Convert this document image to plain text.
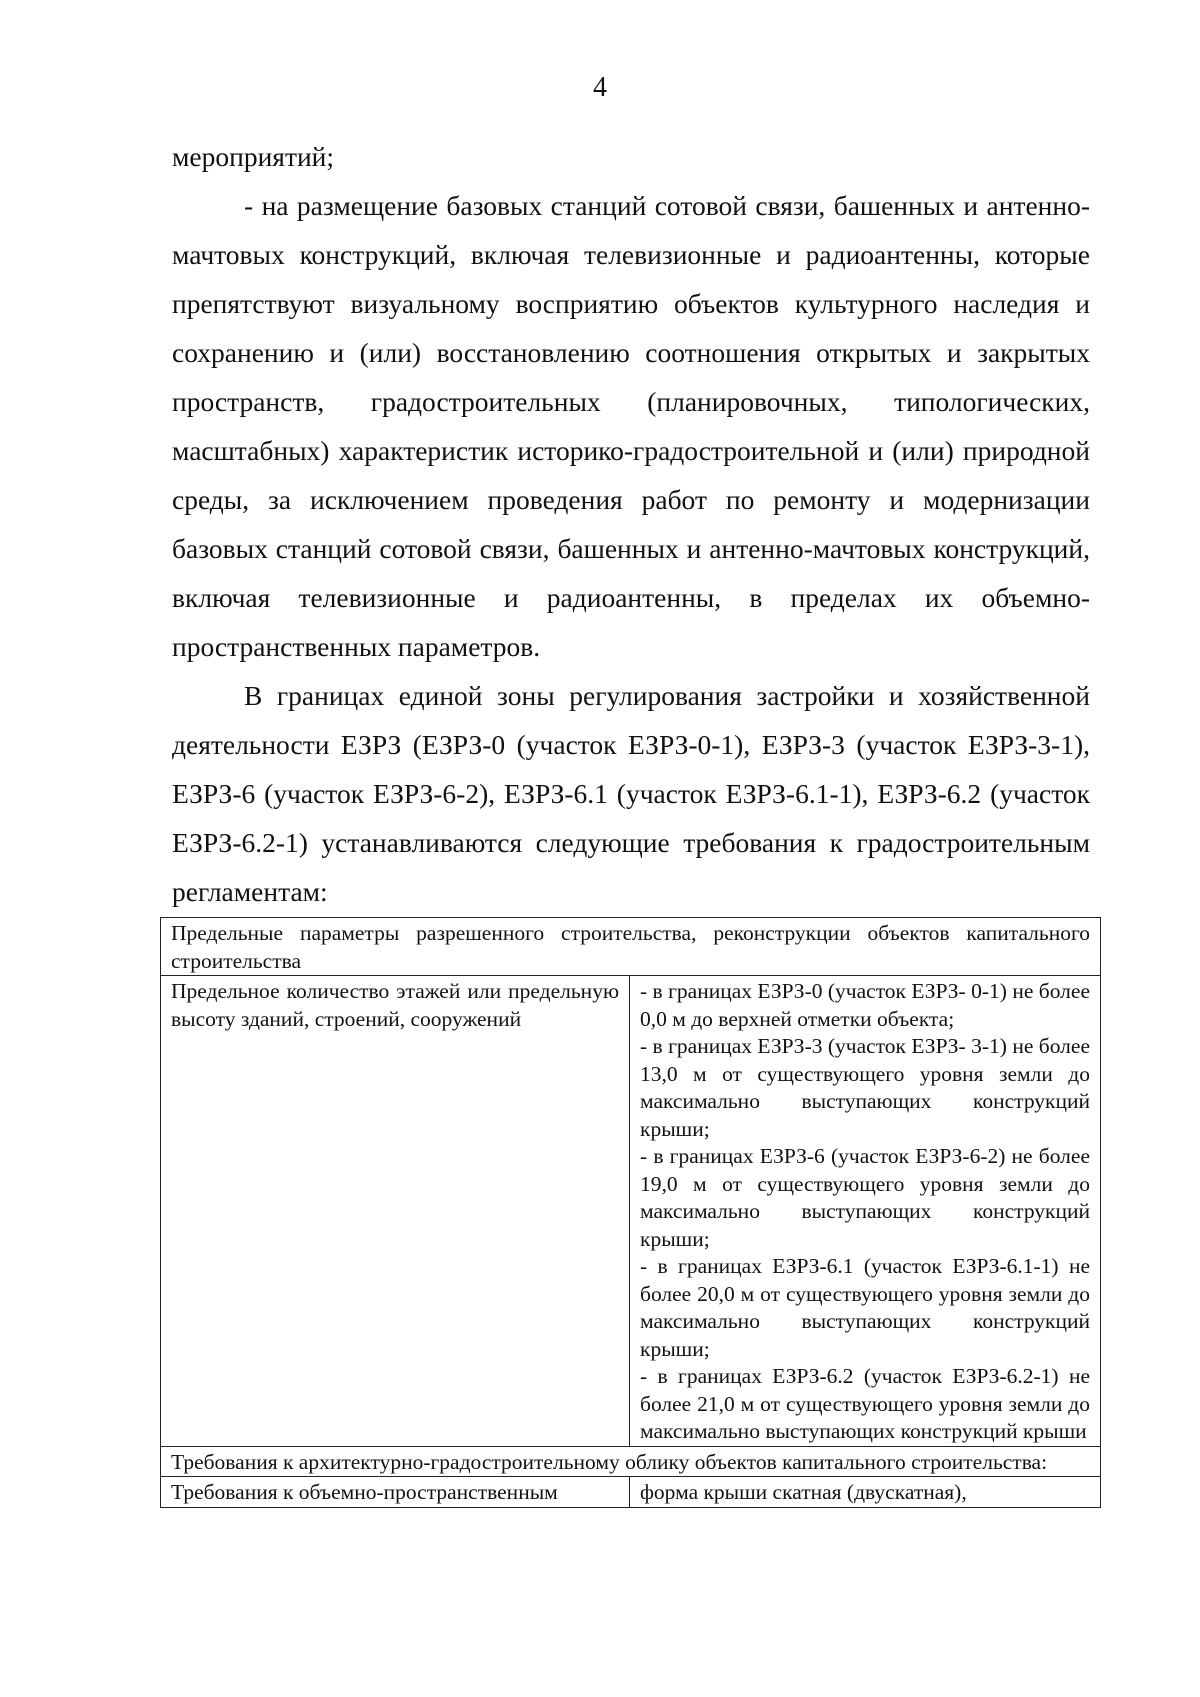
4

мероприятий;

- на размещение базовых станций сотовой связи, башенных и антенно-мачтовых конструкций, включая телевизионные и радиоантенны, которые препятствуют визуальному восприятию объектов культурного наследия и сохранению и (или) восстановлению соотношения открытых и закрытых пространств, градостроительных (планировочных, типологических, масштабных) характеристик историко-градостроительной и (или) природной среды, за исключением проведения работ по ремонту и модернизации базовых станций сотовой связи, башенных и антенно-мачтовых конструкций, включая телевизионные и радиоантенны, в пределах их объемно-пространственных параметров.

В границах единой зоны регулирования застройки и хозяйственной деятельности ЕЗРЗ (ЕЗРЗ-0 (участок ЕЗРЗ-0-1), ЕЗРЗ-3 (участок ЕЗРЗ-3-1), ЕЗРЗ-6 (участок ЕЗРЗ-6-2), ЕЗРЗ-6.1 (участок ЕЗРЗ-6.1-1), ЕЗРЗ-6.2 (участок ЕЗРЗ-6.2-1) устанавливаются следующие требования к градостроительным регламентам:

Предельные параметры разрешенного строительства, реконструкции объектов капитального строительства	
Предельное количество этажей или предельную высоту зданий, строений, сооружений	- в границах ЕЗРЗ-0 (участок ЕЗРЗ- 0-1) не более 0,0 м до верхней отметки объекта;
- в границах ЕЗРЗ-3 (участок ЕЗРЗ- 3-1) не более 13,0 м от существующего уровня земли до максимально выступающих конструкций крыши;
- в границах ЕЗРЗ-6 (участок ЕЗРЗ-6-2) не более 19,0 м от существующего уровня земли до максимально выступающих конструкций крыши;
- в границах ЕЗРЗ-6.1 (участок ЕЗРЗ-6.1-1) не более 20,0 м от существующего уровня земли до максимально выступающих конструкций крыши;
- в границах ЕЗРЗ-6.2 (участок ЕЗРЗ-6.2-1) не более 21,0 м от существующего уровня земли до максимально выступающих конструкций крыши

Требования к архитектурно-градостроительному облику объектов капитального строительства:	
Требования к объемно-пространственным	форма крыши скатная (двускатная),
